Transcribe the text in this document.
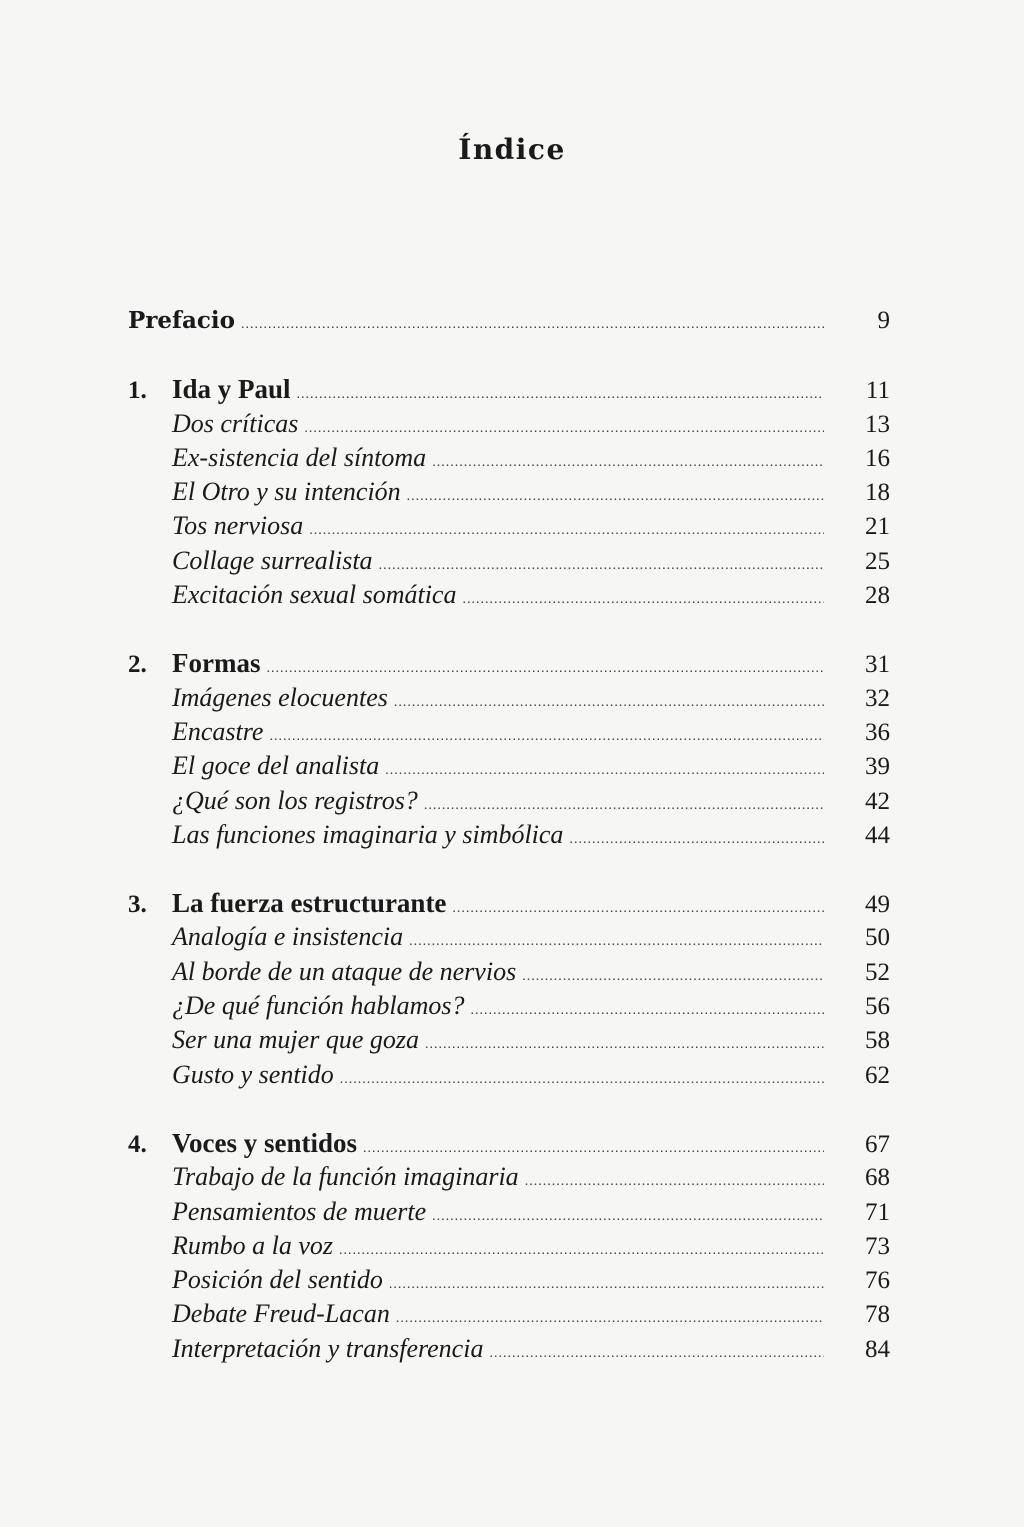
Índice
Prefacio .....	9
1. Ida y Paul .....	11
Dos críticas .....	13
Ex-sistencia del síntoma .....	16
El Otro y su intención .....	18
Tos nerviosa .....	21
Collage surrealista .....	25
Excitación sexual somática .....	28
2. Formas .....	31
Imágenes elocuentes .....	32
Encastre .....	36
El goce del analista .....	39
¿Qué son los registros? .....	42
Las funciones imaginaria y simbólica .....	44
3. La fuerza estructurante .....	49
Analogía e insistencia .....	50
Al borde de un ataque de nervios .....	52
¿De qué función hablamos? .....	56
Ser una mujer que goza .....	58
Gusto y sentido .....	62
4. Voces y sentidos .....	67
Trabajo de la función imaginaria .....	68
Pensamientos de muerte .....	71
Rumbo a la voz .....	73
Posición del sentido .....	76
Debate Freud-Lacan .....	78
Interpretación y transferencia .....	84
